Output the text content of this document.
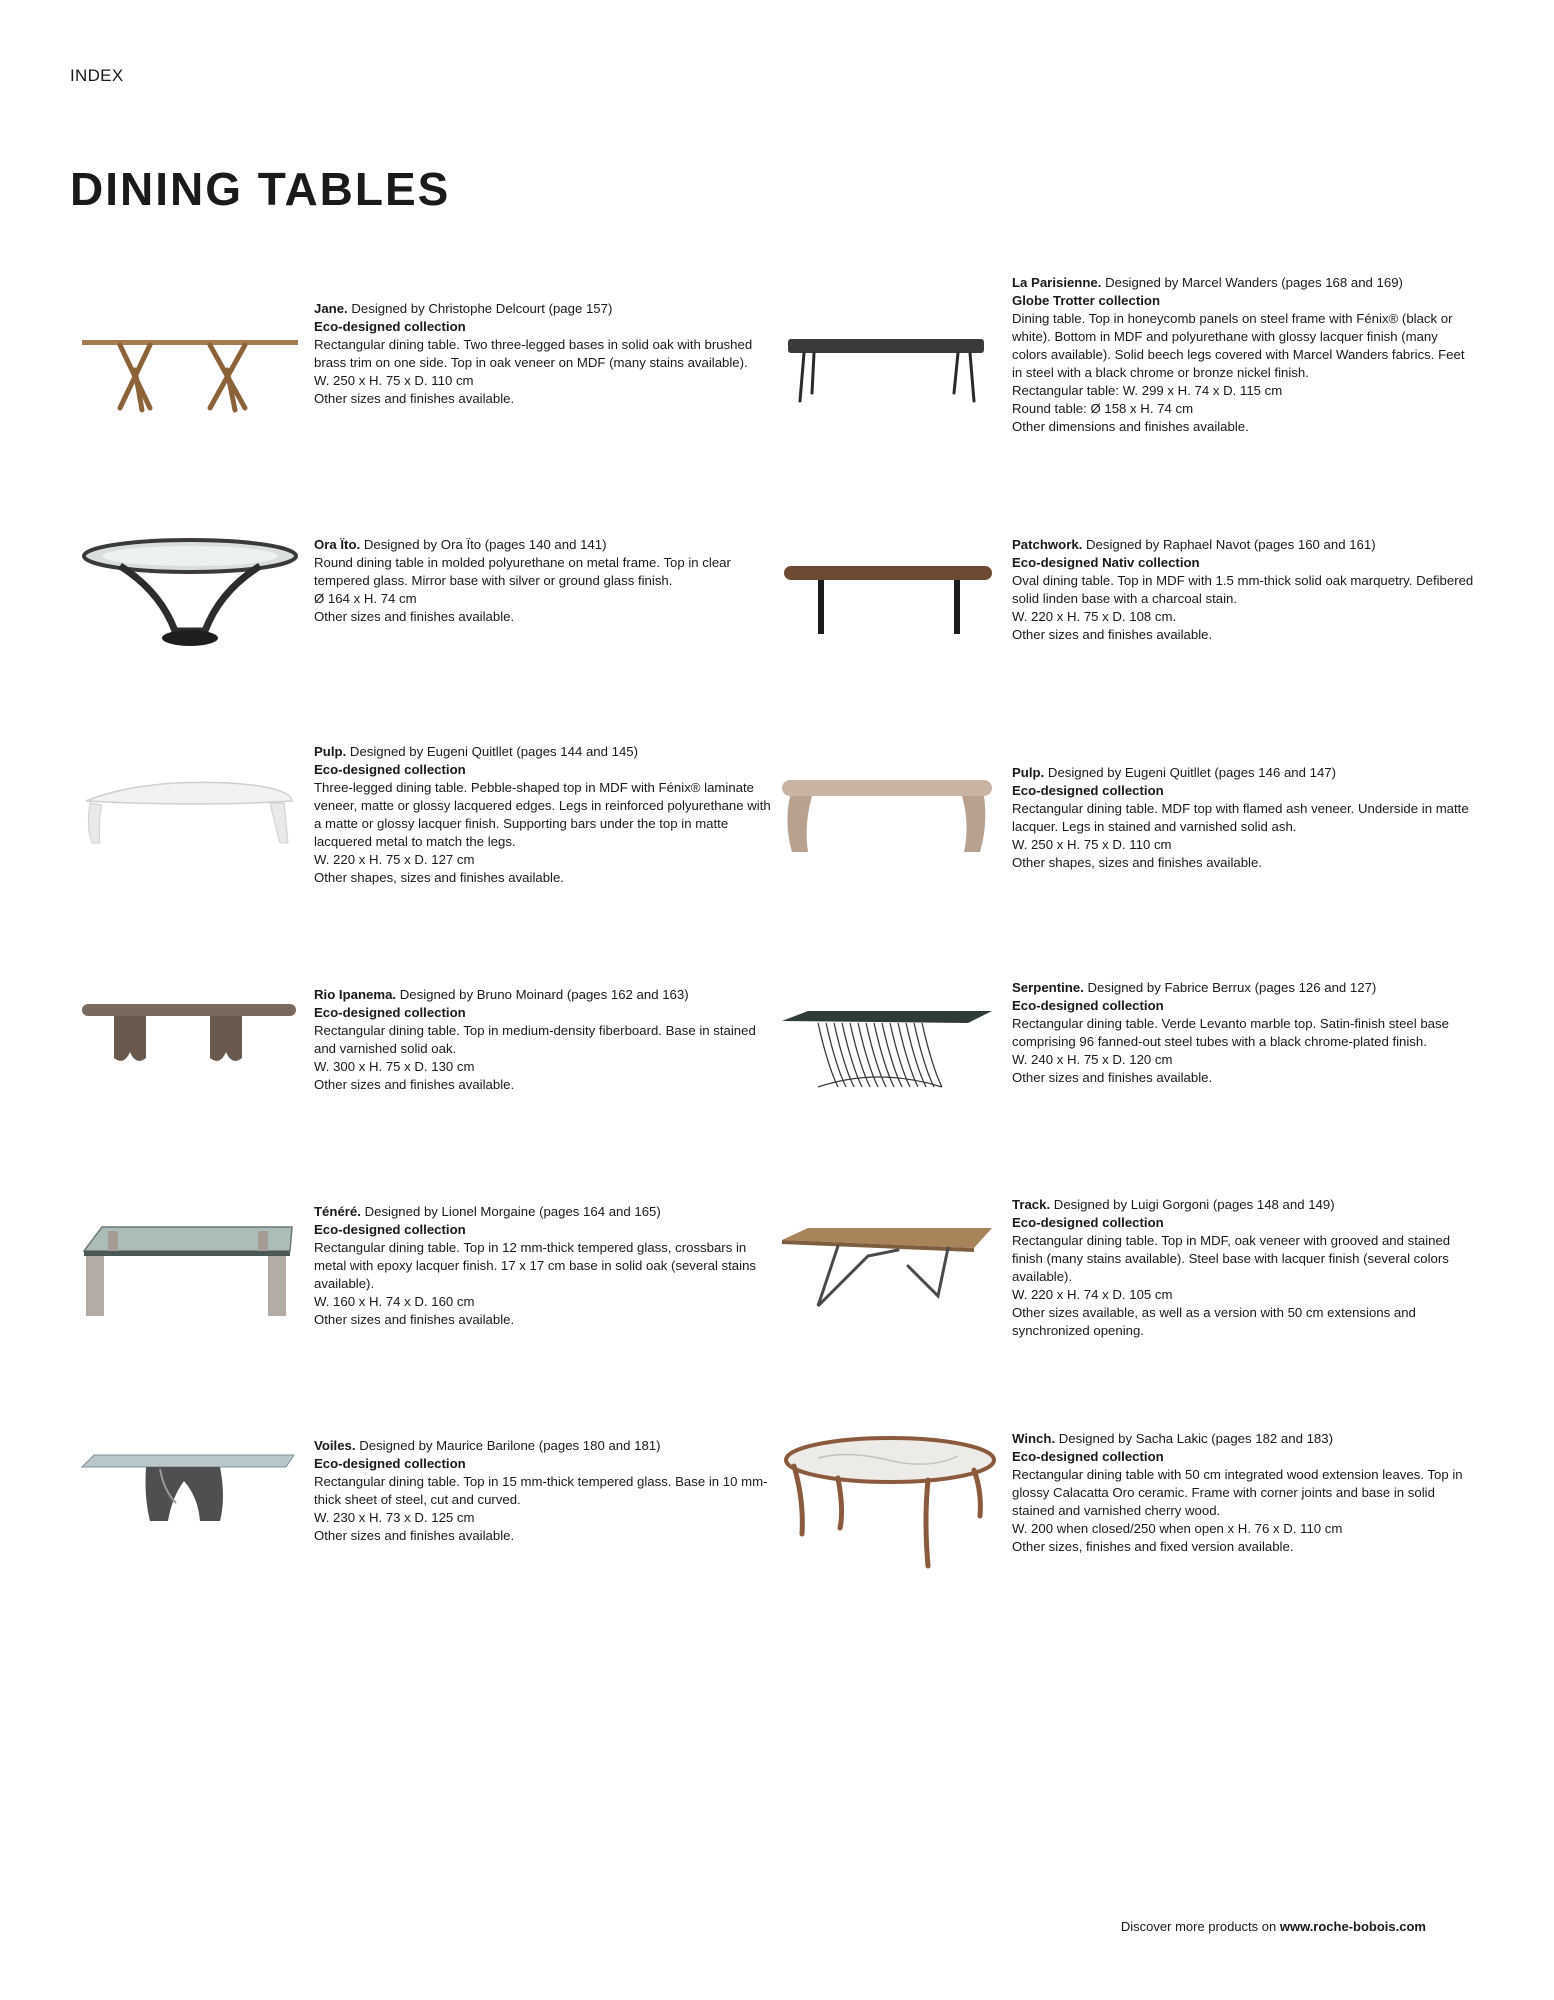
INDEX
DINING TABLES

Jane. Designed by Christophe Delcourt (page 157)

Eco-designed collection

Rectangular dining table. Two three-legged bases in solid oak with brushed brass trim on one side. Top in oak veneer on MDF (many stains available).

W. 250 x H. 75 x D. 110 cm

Other sizes and finishes available.

La Parisienne. Designed by Marcel Wanders (pages 168 and 169)

Globe Trotter collection

Dining table. Top in honeycomb panels on steel frame with Fénix® (black or white). Bottom in MDF and polyurethane with glossy lacquer finish (many colors available). Solid beech legs covered with Marcel Wanders fabrics. Feet in steel with a black chrome or bronze nickel finish.

Rectangular table: W. 299 x H. 74 x D. 115 cm

Round table: Ø 158 x H. 74 cm

Other dimensions and finishes available.

Ora Ïto. Designed by Ora Ïto (pages 140 and 141)

Round dining table in molded polyurethane on metal frame. Top in clear tempered glass. Mirror base with silver or ground glass finish.

Ø 164 x H. 74 cm

Other sizes and finishes available.

Patchwork. Designed by Raphael Navot (pages 160 and 161)

Eco-designed Nativ collection

Oval dining table. Top in MDF with 1.5 mm-thick solid oak marquetry. Defibered solid linden base with a charcoal stain.

W. 220 x H. 75 x D. 108 cm.

Other sizes and finishes available.

Pulp. Designed by Eugeni Quitllet (pages 144 and 145)

Eco-designed collection

Three-legged dining table. Pebble-shaped top in MDF with Fénix® laminate veneer, matte or glossy lacquered edges. Legs in reinforced polyurethane with a matte or glossy lacquer finish. Supporting bars under the top in matte lacquered metal to match the legs.

W. 220 x H. 75 x D. 127 cm

Other shapes, sizes and finishes available.

Pulp. Designed by Eugeni Quitllet (pages 146 and 147)

Eco-designed collection

Rectangular dining table. MDF top with flamed ash veneer. Underside in matte lacquer. Legs in stained and varnished solid ash.

W. 250 x H. 75 x D. 110 cm

Other shapes, sizes and finishes available.

Rio Ipanema. Designed by Bruno Moinard (pages 162 and 163)

Eco-designed collection

Rectangular dining table. Top in medium-density fiberboard. Base in stained and varnished solid oak.

W. 300 x H. 75 x D. 130 cm

Other sizes and finishes available.

Serpentine. Designed by Fabrice Berrux (pages 126 and 127)

Eco-designed collection

Rectangular dining table. Verde Levanto marble top. Satin-finish steel base comprising 96 fanned-out steel tubes with a black chrome-plated finish.

W. 240 x H. 75 x D. 120 cm

Other sizes and finishes available.

Ténéré. Designed by Lionel Morgaine (pages 164 and 165)

Eco-designed collection

Rectangular dining table. Top in 12 mm-thick tempered glass, crossbars in metal with epoxy lacquer finish. 17 x 17 cm base in solid oak (several stains available).

W. 160 x H. 74 x D. 160 cm

Other sizes and finishes available.

Track. Designed by Luigi Gorgoni (pages 148 and 149)

Eco-designed collection

Rectangular dining table. Top in MDF, oak veneer with grooved and stained finish (many stains available). Steel base with lacquer finish (several colors available).

W. 220 x H. 74 x D. 105 cm

Other sizes available, as well as a version with 50 cm extensions and synchronized opening.

Voiles. Designed by Maurice Barilone (pages 180 and 181)

Eco-designed collection

Rectangular dining table. Top in 15 mm-thick tempered glass. Base in 10 mm-thick sheet of steel, cut and curved.

W. 230 x H. 73 x D. 125 cm

Other sizes and finishes available.

Winch. Designed by Sacha Lakic (pages 182 and 183)

Eco-designed collection

Rectangular dining table with 50 cm integrated wood extension leaves. Top in glossy Calacatta Oro ceramic. Frame with corner joints and base in solid stained and varnished cherry wood.

W. 200 when closed/250 when open x H. 76 x D. 110 cm

Other sizes, finishes and fixed version available.

Discover more products on www.roche-bobois.com
